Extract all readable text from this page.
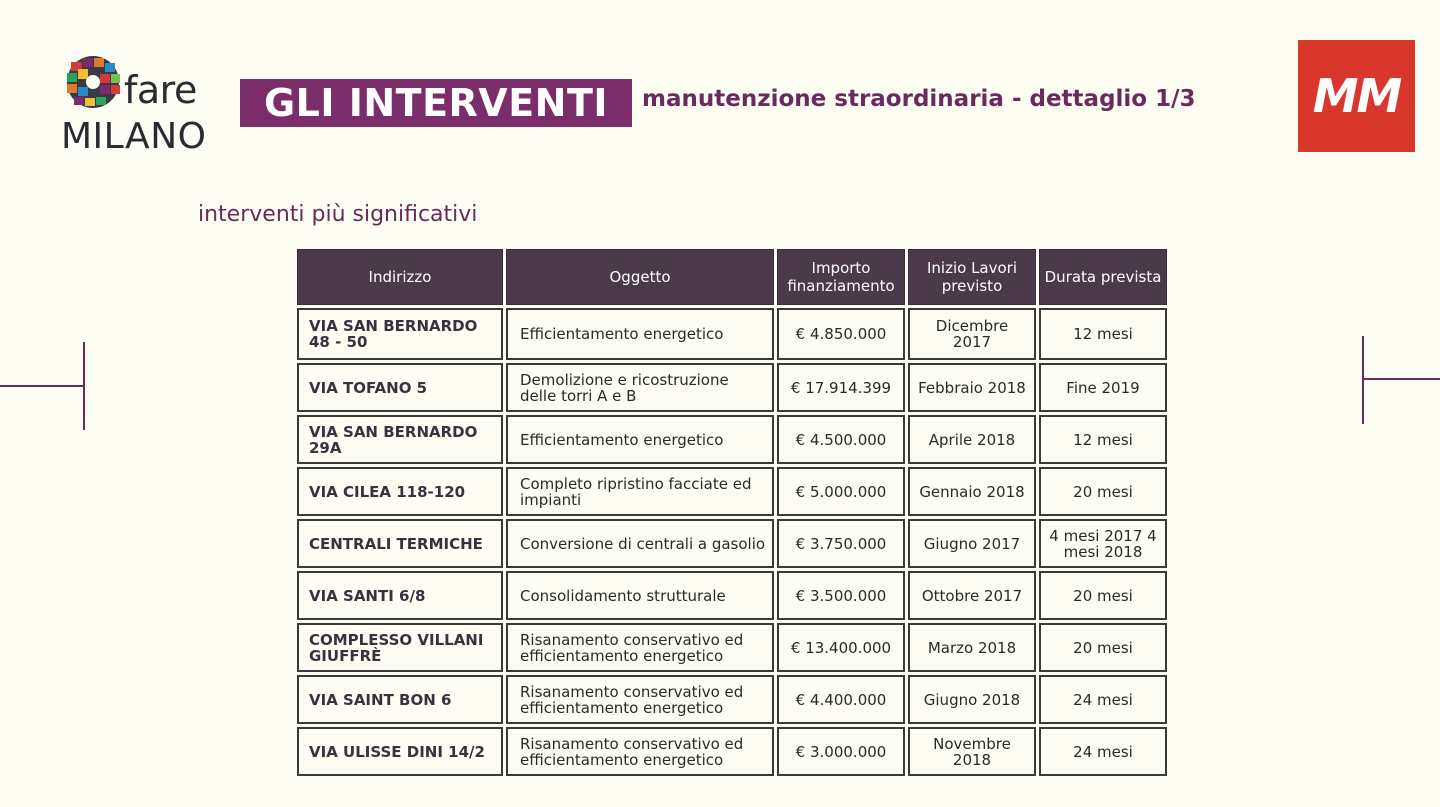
fare
MILANO
GLI INTERVENTI	manutenzione straordinaria - dettaglio 1/3	MM
interventi più significativi
Indirizzo	Oggetto	Importo finanziamento	Inizio Lavori previsto	Durata prevista
VIA SAN BERNARDO 48 - 50	Efficientamento energetico	€ 4.850.000	Dicembre 2017	12 mesi
VIA TOFANO 5	Demolizione e ricostruzione delle torri A e B	€ 17.914.399	Febbraio 2018	Fine 2019
VIA SAN BERNARDO 29A	Efficientamento energetico	€ 4.500.000	Aprile 2018	12 mesi
VIA CILEA 118-120	Completo ripristino facciate ed impianti	€ 5.000.000	Gennaio 2018	20 mesi
CENTRALI TERMICHE	Conversione di centrali a gasolio	€ 3.750.000	Giugno 2017	4 mesi 2017 4 mesi 2018
VIA SANTI 6/8	Consolidamento strutturale	€ 3.500.000	Ottobre 2017	20 mesi
COMPLESSO VILLANI GIUFFRÈ	Risanamento conservativo ed efficientamento energetico	€ 13.400.000	Marzo 2018	20 mesi
VIA SAINT BON 6	Risanamento conservativo ed efficientamento energetico	€ 4.400.000	Giugno 2018	24 mesi
VIA ULISSE DINI 14/2	Risanamento conservativo ed efficientamento energetico	€ 3.000.000	Novembre 2018	24 mesi
